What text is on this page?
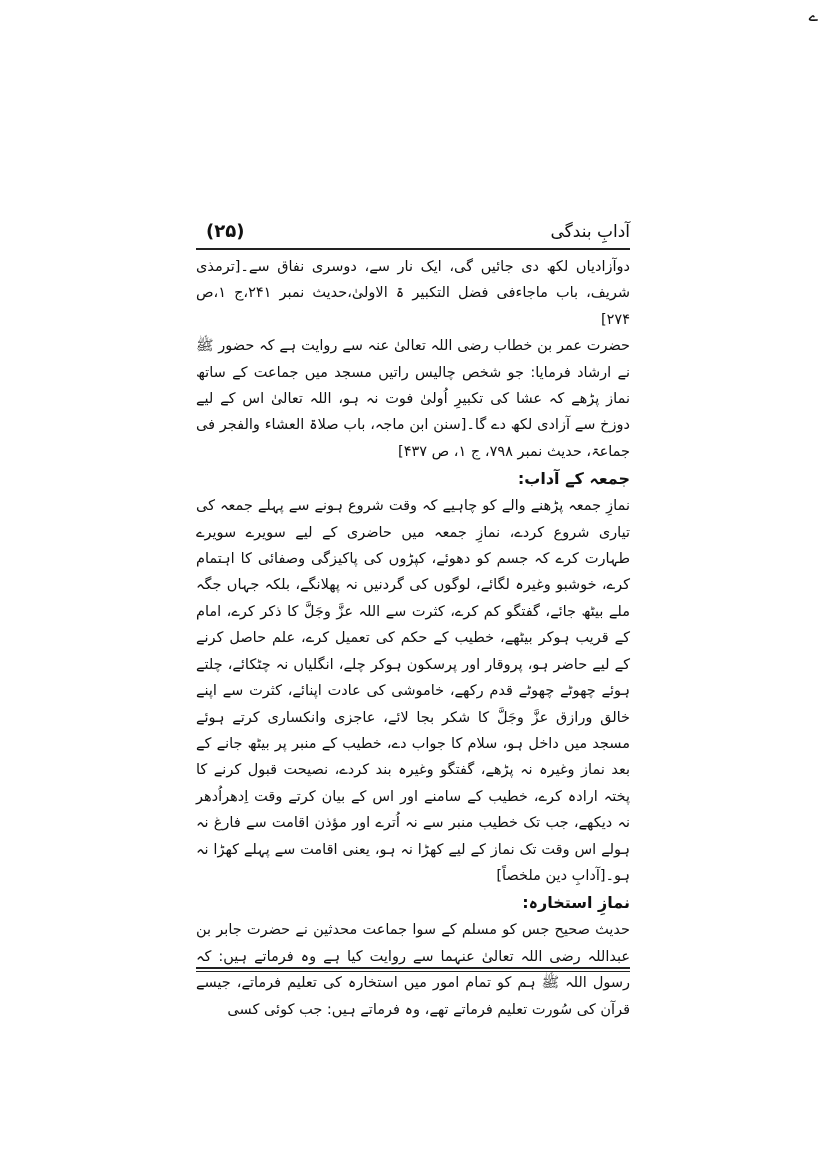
ے
آدابِ بندگی
(۲۵)

دوآزادیاں لکھ دی جائیں گی، ایک نار سے، دوسری نفاق سے۔[ترمذی شریف، باب ماجاءفی فضل التکبیر ۃ الاولیٰ،حدیث نمبر ۲۴۱،ج ۱،ص ۲۷۴]

حضرت عمر بن خطاب رضی اللہ تعالیٰ عنہ سے روایت ہے کہ حضور ﷺ نے ارشاد فرمایا: جو شخص چالیس راتیں مسجد میں جماعت کے ساتھ نماز پڑھے کہ عشا کی تکبیرِ اُولیٰ فوت نہ ہو، اللہ تعالیٰ اس کے لیے دوزخ سے آزادی لکھ دے گا۔[سنن ابن ماجہ، باب صلاۃ العشاء والفجر فی جماعۃ، حدیث نمبر ۷۹۸، ج ۱، ص ۴۳۷]

جمعہ کے آداب:

نمازِ جمعہ پڑھنے والے کو چاہیے کہ وقت شروع ہونے سے پہلے جمعہ کی تیاری شروع کردے، نمازِ جمعہ میں حاضری کے لیے سویرے سویرے طہارت کرے کہ جسم کو دھوئے، کپڑوں کی پاکیزگی وصفائی کا اہتمام کرے، خوشبو وغیرہ لگائے، لوگوں کی گردنیں نہ پھلانگے، بلکہ جہاں جگہ ملے بیٹھ جائے، گفتگو کم کرے، کثرت سے اللہ عزَّ وجَلَّ کا ذکر کرے، امام کے قریب ہوکر بیٹھے، خطیب کے حکم کی تعمیل کرے، علم حاصل کرنے کے لیے حاضر ہو، پروقار اور پرسکون ہوکر چلے، انگلیاں نہ چٹکائے، چلتے ہوئے چھوٹے چھوٹے قدم رکھے، خاموشی کی عادت اپنائے، کثرت سے اپنے خالق ورازق عزَّ وجَلَّ کا شکر بجا لائے، عاجزی وانکساری کرتے ہوئے مسجد میں داخل ہو، سلام کا جواب دے، خطیب کے منبر پر بیٹھ جانے کے بعد نماز وغیرہ نہ پڑھے، گفتگو وغیرہ بند کردے، نصیحت قبول کرنے کا پختہ ارادہ کرے، خطیب کے سامنے اور اس کے بیان کرتے وقت اِدھراُدھر نہ دیکھے، جب تک خطیب منبر سے نہ اُترے اور مؤذن اقامت سے فارغ نہ ہولے اس وقت تک نماز کے لیے کھڑا نہ ہو، یعنی اقامت سے پہلے کھڑا نہ ہو۔[آدابِ دین ملخصاً]

نمازِ استخارہ:

حدیث صحیح جس کو مسلم کے سوا جماعت محدثین نے حضرت جابر بن عبداللہ رضی اللہ تعالیٰ عنہما سے روایت کیا ہے وہ فرماتے ہیں: کہ رسول اللہ ﷺ ہم کو تمام امور میں استخارہ کی تعلیم فرماتے، جیسے قرآن کی سُورت تعلیم فرماتے تھے، وہ فرماتے ہیں: جب کوئی کسی
